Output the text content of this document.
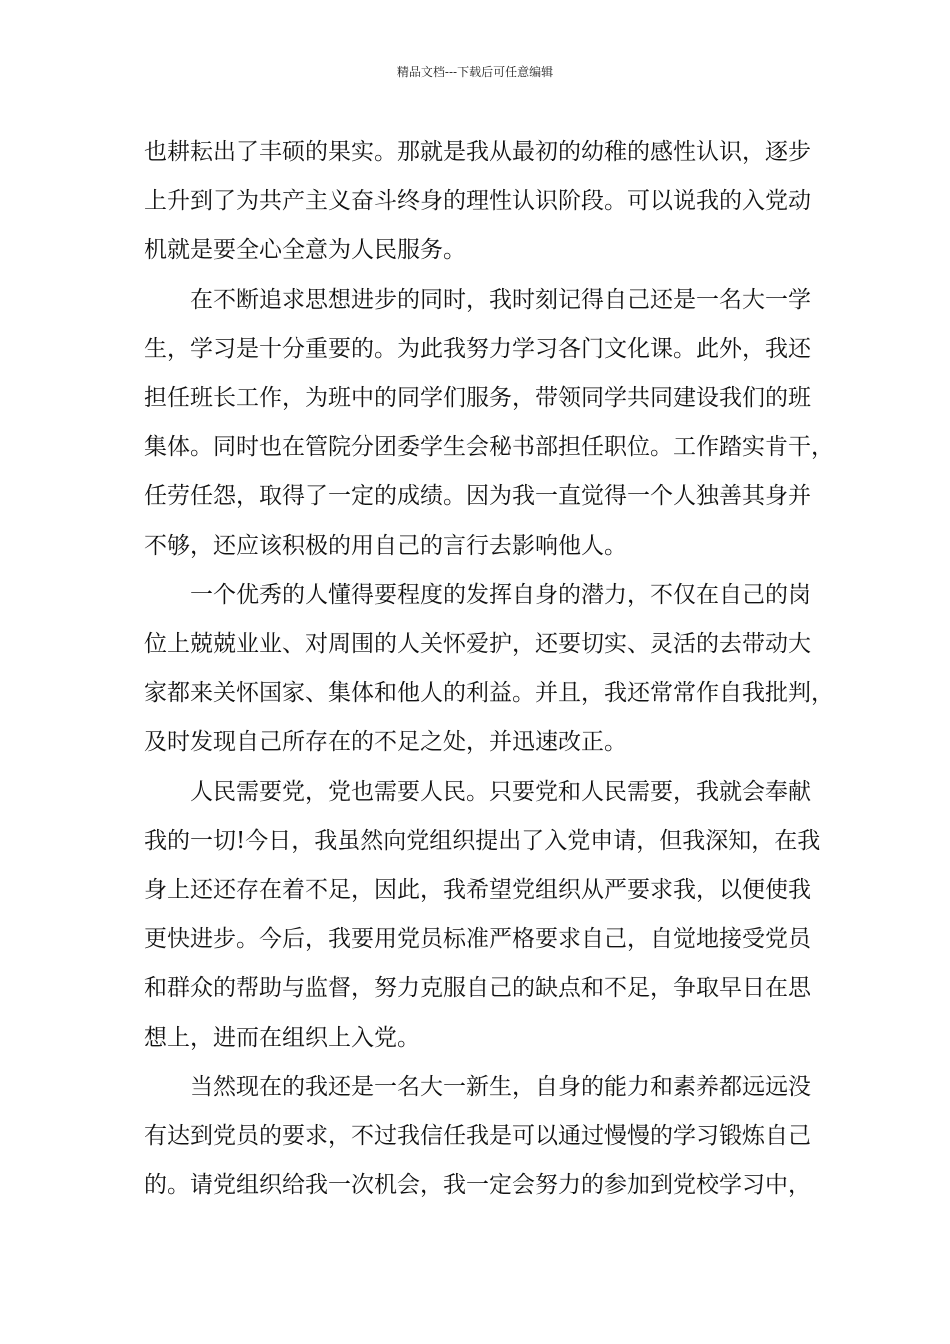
精品文档---下载后可任意编辑
也耕耘出了丰硕的果实。那就是我从最初的幼稚的感性认识，逐步
上升到了为共产主义奋斗终身的理性认识阶段。可以说我的入党动
机就是要全心全意为人民服务。
在不断追求思想进步的同时，我时刻记得自己还是一名大一学
生，学习是十分重要的。为此我努力学习各门文化课。此外，我还
担任班长工作，为班中的同学们服务，带领同学共同建设我们的班
集体。同时也在管院分团委学生会秘书部担任职位。工作踏实肯干，
任劳任怨，取得了一定的成绩。因为我一直觉得一个人独善其身并
不够，还应该积极的用自己的言行去影响他人。
一个优秀的人懂得要程度的发挥自身的潜力，不仅在自己的岗
位上兢兢业业、对周围的人关怀爱护，还要切实、灵活的去带动大
家都来关怀国家、集体和他人的利益。并且，我还常常作自我批判，
及时发现自己所存在的不足之处，并迅速改正。
人民需要党，党也需要人民。只要党和人民需要，我就会奉献
我的一切!今日，我虽然向党组织提出了入党申请，但我深知，在我
身上还还存在着不足，因此，我希望党组织从严要求我，以便使我
更快进步。今后，我要用党员标准严格要求自己，自觉地接受党员
和群众的帮助与监督，努力克服自己的缺点和不足，争取早日在思
想上，进而在组织上入党。
当然现在的我还是一名大一新生，自身的能力和素养都远远没
有达到党员的要求，不过我信任我是可以通过慢慢的学习锻炼自己
的。请党组织给我一次机会，我一定会努力的参加到党校学习中，
